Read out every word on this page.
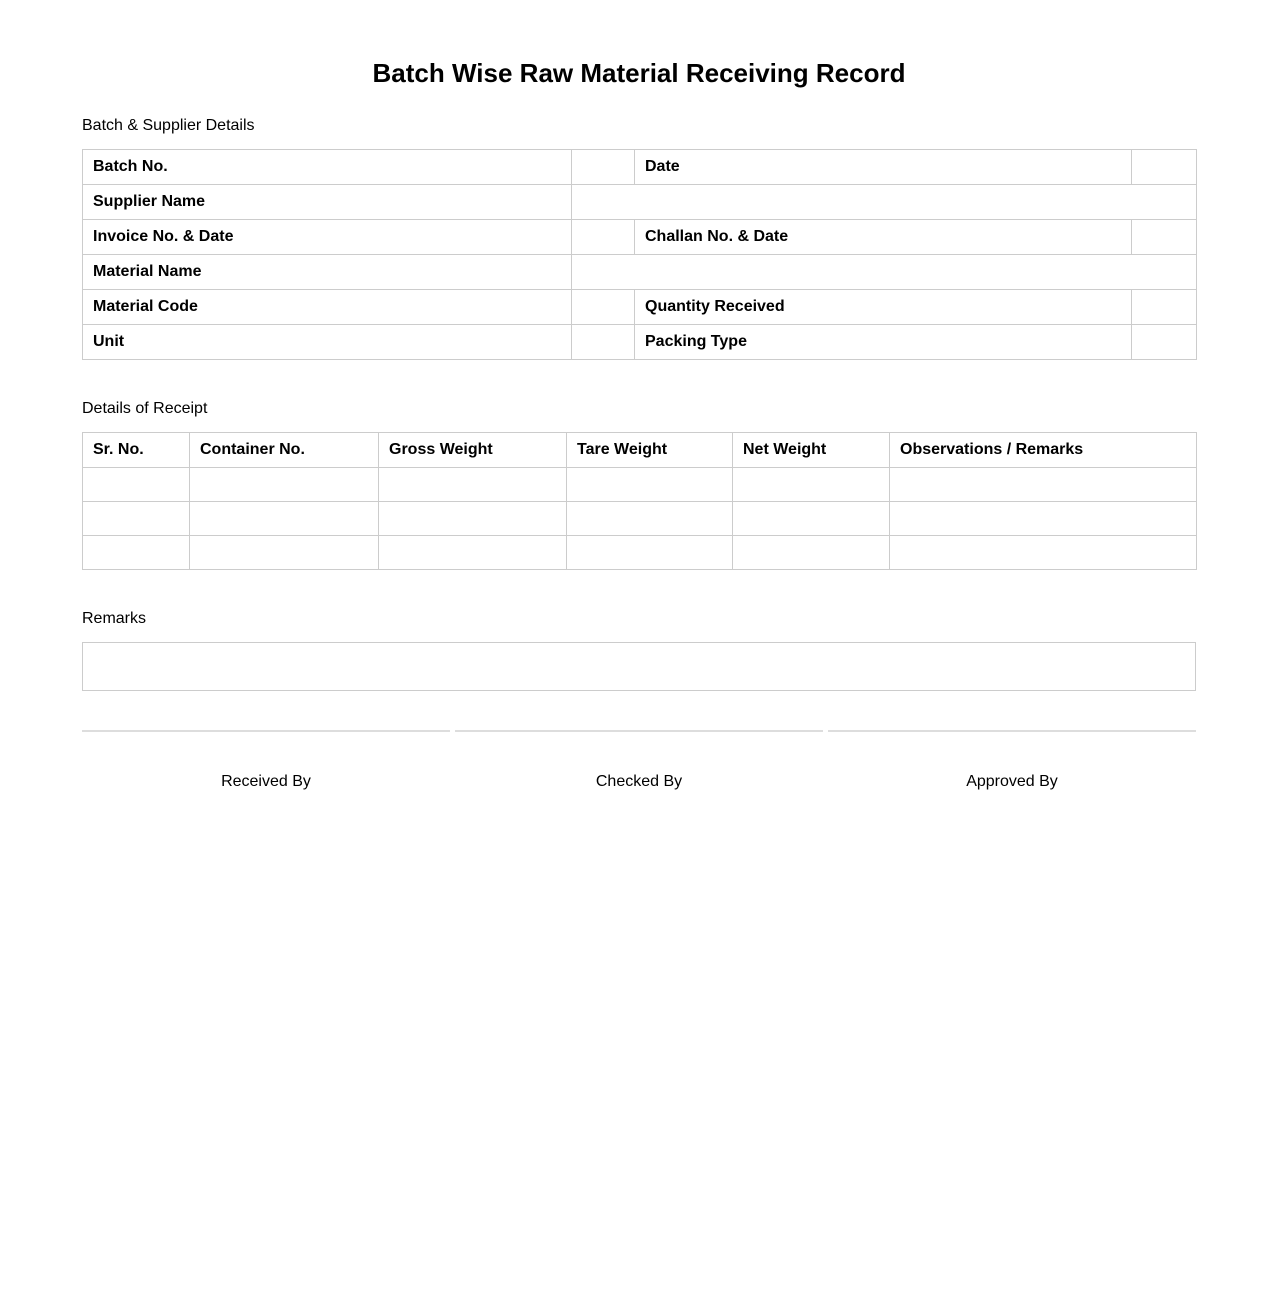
Batch Wise Raw Material Receiving Record
Batch & Supplier Details
Batch No.		Date	
Supplier Name			
Invoice No. & Date		Challan No. & Date	
Material Name			
Material Code		Quantity Received	
Unit		Packing Type	
Details of Receipt
Sr. No.	Container No.	Gross Weight	Tare Weight	Net Weight	Observations / Remarks

Remarks
Received By	Checked By	Approved By
